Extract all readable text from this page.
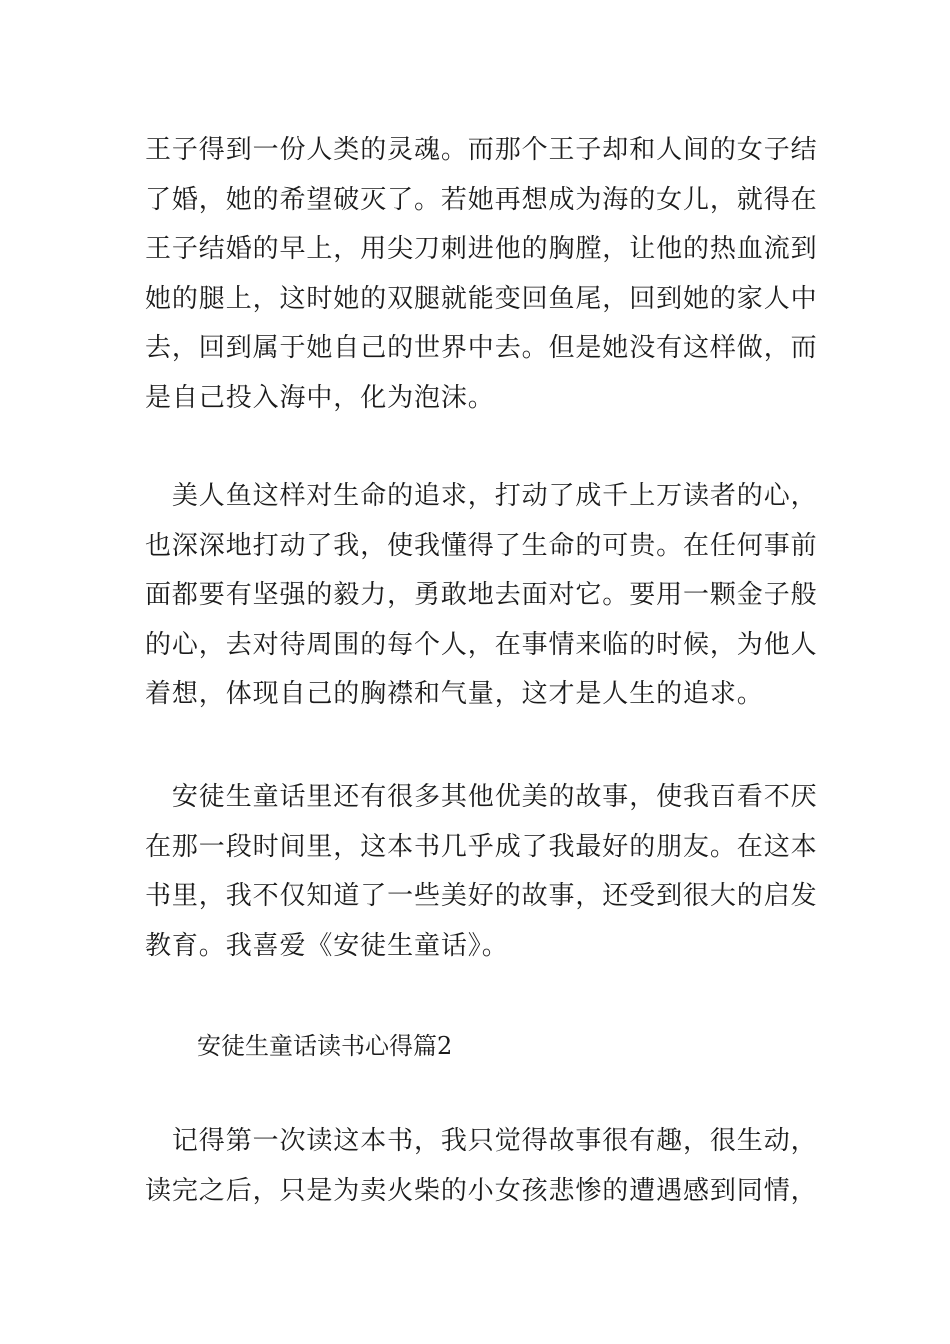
王子得到一份人类的灵魂。而那个王子却和人间的女子结
了婚，她的希望破灭了。若她再想成为海的女儿，就得在
王子结婚的早上，用尖刀刺进他的胸膛，让他的热血流到
她的腿上，这时她的双腿就能变回鱼尾，回到她的家人中
去，回到属于她自己的世界中去。但是她没有这样做，而
是自己投入海中，化为泡沫。

　美人鱼这样对生命的追求，打动了成千上万读者的心，
也深深地打动了我，使我懂得了生命的可贵。在任何事前
面都要有坚强的毅力，勇敢地去面对它。要用一颗金子般
的心，去对待周围的每个人，在事情来临的时候，为他人
着想，体现自己的胸襟和气量，这才是人生的追求。

　安徒生童话里还有很多其他优美的故事，使我百看不厌
在那一段时间里，这本书几乎成了我最好的朋友。在这本
书里，我不仅知道了一些美好的故事，还受到很大的启发
教育。我喜爱《安徒生童话》。

安徒生童话读书心得篇2

　记得第一次读这本书，我只觉得故事很有趣，很生动，
读完之后，只是为卖火柴的小女孩悲惨的遭遇感到同情，
